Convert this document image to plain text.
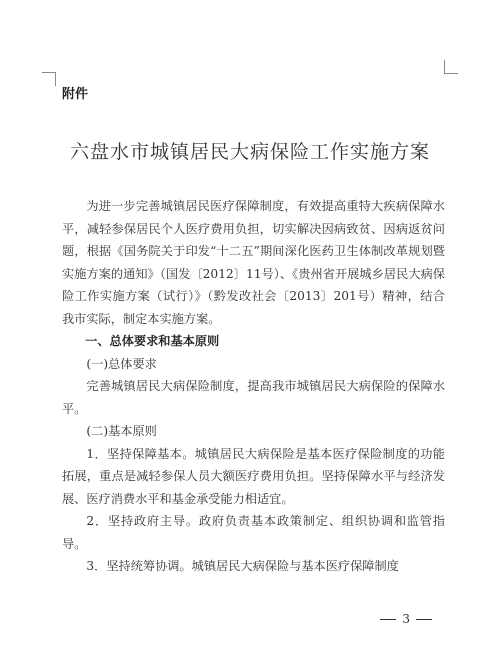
附件
六盘水市城镇居民大病保险工作实施方案

为进一步完善城镇居民医疗保障制度，有效提高重特大疾病保障水平，减轻参保居民个人医疗费用负担，切实解决因病致贫、因病返贫问题，根据《国务院关于印发“十二五”期间深化医药卫生体制改革规划暨实施方案的通知》（国发〔2012〕11号）、《贵州省开展城乡居民大病保险工作实施方案（试行）》（黔发改社会〔2013〕201号）精神，结合我市实际，制定本实施方案。

一、总体要求和基本原则

(一)总体要求

完善城镇居民大病保险制度，提高我市城镇居民大病保险的保障水平。

(二)基本原则

1．坚持保障基本。城镇居民大病保险是基本医疗保险制度的功能拓展，重点是减轻参保人员大额医疗费用负担。坚持保障水平与经济发展、医疗消费水平和基金承受能力相适宜。

2．坚持政府主导。政府负责基本政策制定、组织协调和监管指导。

3．坚持统筹协调。城镇居民大病保险与基本医疗保障制度

3
